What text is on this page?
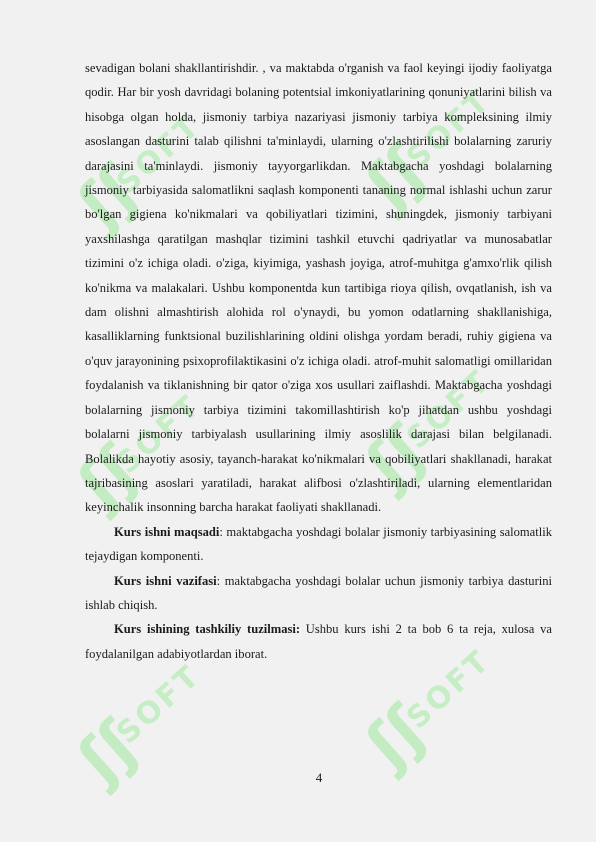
ʃʃ
SOFT ʃʃ
SOFT
ʃʃ
SOFT ʃʃ
SOFT
ʃʃ
SOFT ʃʃ
SOFT

sevadigan bolani shakllantirishdir. , va maktabda o'rganish va faol keyingi ijodiy faoliyatga qodir. Har bir yosh davridagi bolaning potentsial imkoniyatlarining qonuniyatlarini bilish va hisobga olgan holda, jismoniy tarbiya nazariyasi jismoniy tarbiya kompleksining ilmiy asoslangan dasturini talab qilishni ta'minlaydi, ularning o'zlashtirilishi bolalarning zaruriy darajasini ta'minlaydi. jismoniy tayyorgarlikdan. Maktabgacha yoshdagi bolalarning jismoniy tarbiyasida salomatlikni saqlash komponenti tananing normal ishlashi uchun zarur bo'lgan gigiena ko'nikmalari va qobiliyatlari tizimini, shuningdek, jismoniy tarbiyani yaxshilashga qaratilgan mashqlar tizimini tashkil etuvchi qadriyatlar va munosabatlar tizimini o'z ichiga oladi. o'ziga, kiyimiga, yashash joyiga, atrof-muhitga g'amxo'rlik qilish ko'nikma va malakalari. Ushbu komponentda kun tartibiga rioya qilish, ovqatlanish, ish va dam olishni almashtirish alohida rol o'ynaydi, bu yomon odatlarning shakllanishiga, kasalliklarning funktsional buzilishlarining oldini olishga yordam beradi, ruhiy gigiena va o'quv jarayonining psixoprofilaktikasini o'z ichiga oladi. atrof-muhit salomatligi omillaridan foydalanish va tiklanishning bir qator o'ziga xos usullari zaiflashdi. Maktabgacha yoshdagi bolalarning jismoniy tarbiya tizimini takomillashtirish ko'p jihatdan ushbu yoshdagi bolalarni jismoniy tarbiyalash usullarining ilmiy asoslilik darajasi bilan belgilanadi. Bolalikda hayotiy asosiy, tayanch-harakat ko'nikmalari va qobiliyatlari shakllanadi, harakat tajribasining asoslari yaratiladi, harakat alifbosi o'zlashtiriladi, ularning elementlaridan keyinchalik insonning barcha harakat faoliyati shakllanadi.

Kurs ishni maqsadi: maktabgacha yoshdagi bolalar jismoniy tarbiyasining salomatlik tejaydigan komponenti.

Kurs ishni vazifasi: maktabgacha yoshdagi bolalar uchun jismoniy tarbiya dasturini ishlab chiqish.

Kurs ishining tashkiliy tuzilmasi: Ushbu kurs ishi 2 ta bob 6 ta reja, xulosa va foydalanilgan adabiyotlardan iborat.

4
